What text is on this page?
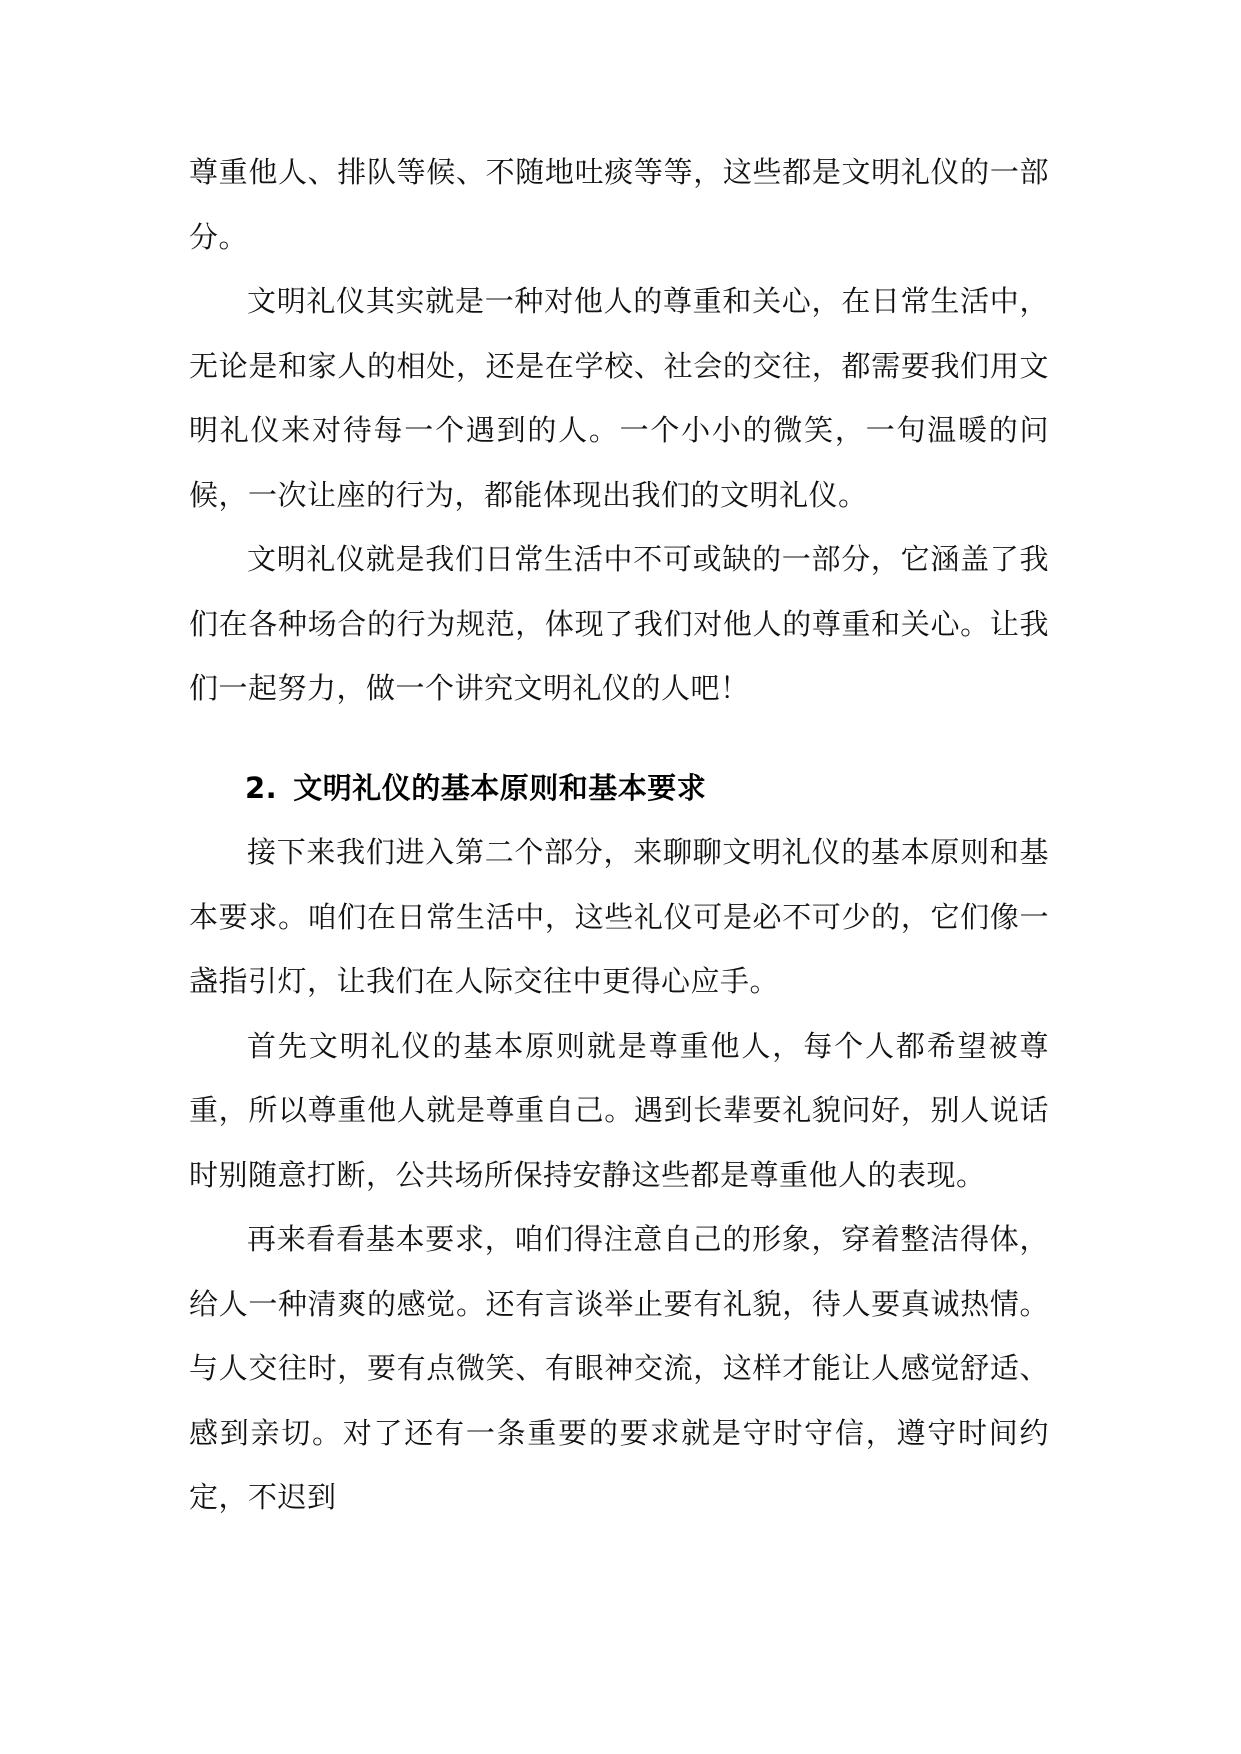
尊重他人、排队等候、不随地吐痰等等，这些都是文明礼仪的一部分。

文明礼仪其实就是一种对他人的尊重和关心，在日常生活中，无论是和家人的相处，还是在学校、社会的交往，都需要我们用文明礼仪来对待每一个遇到的人。一个小小的微笑，一句温暖的问候，一次让座的行为，都能体现出我们的文明礼仪。

文明礼仪就是我们日常生活中不可或缺的一部分，它涵盖了我们在各种场合的行为规范，体现了我们对他人的尊重和关心。让我们一起努力，做一个讲究文明礼仪的人吧！

2. 文明礼仪的基本原则和基本要求

接下来我们进入第二个部分，来聊聊文明礼仪的基本原则和基本要求。咱们在日常生活中，这些礼仪可是必不可少的，它们像一盏指引灯，让我们在人际交往中更得心应手。

首先文明礼仪的基本原则就是尊重他人，每个人都希望被尊重，所以尊重他人就是尊重自己。遇到长辈要礼貌问好，别人说话时别随意打断，公共场所保持安静这些都是尊重他人的表现。

再来看看基本要求，咱们得注意自己的形象，穿着整洁得体，给人一种清爽的感觉。还有言谈举止要有礼貌，待人要真诚热情。与人交往时，要有点微笑、有眼神交流，这样才能让人感觉舒适、感到亲切。对了还有一条重要的要求就是守时守信，遵守时间约定，不迟到
